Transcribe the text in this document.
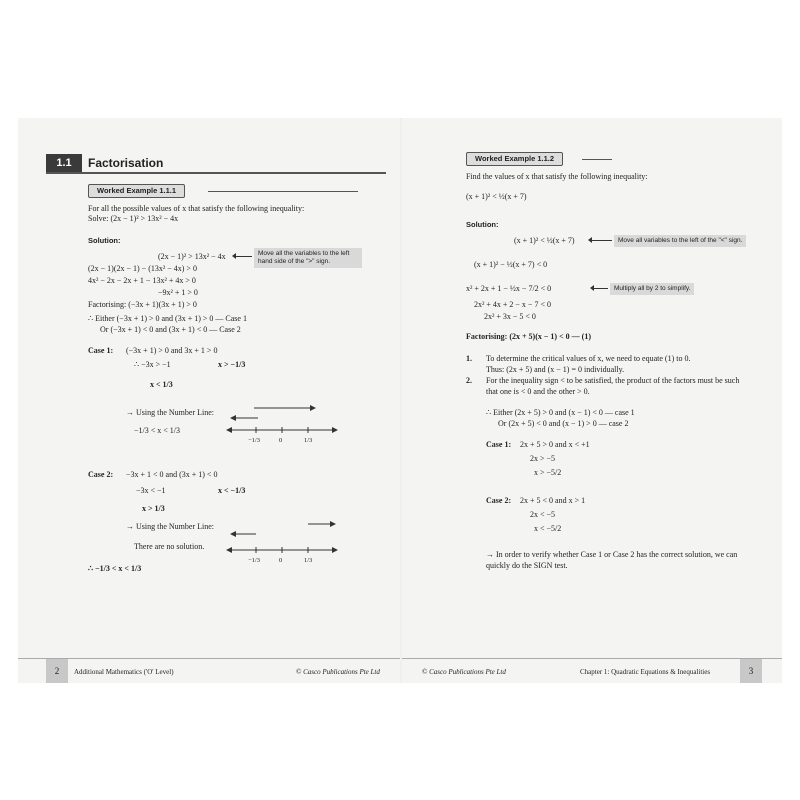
1.1	Factorisation
Worked Example 1.1.1
For all the possible values of x that satisfy the following inequality:
Solve: (2x − 1)² > 13x² − 4x
Solution:
(2x − 1)² > 13x² − 4x
(2x − 1)(2x − 1) − (13x² − 4x) > 0
4x² − 2x − 2x + 1 − 13x² + 4x > 0
−9x² + 1 > 0
Move all the variables to the left hand side of the ">" sign.
Factorising: (−3x + 1)(3x + 1) > 0
∴ Either (−3x + 1) > 0 and (3x + 1) > 0 — Case 1
Or (−3x + 1) < 0 and (3x + 1) < 0 — Case 2
Case 1: (−3x + 1) > 0 and 3x + 1 > 0
∴ −3x > −1	x > −1/3
x < 1/3
→ Using the Number Line:
−1/3 < x < 1/3
−1/3	0	1/3
Case 2: −3x + 1 < 0 and (3x + 1) < 0
−3x < −1	x < −1/3
x > 1/3
→ Using the Number Line:
There are no solution.
−1/3	0	1/3
∴ −1/3 < x < 1/3
2	Additional Mathematics ('O' Level)	© Casco Publications Pte Ltd
Worked Example 1.1.2
Find the values of x that satisfy the following inequality:
(x + 1)² < ½(x + 7)
Solution:
(x + 1)² < ½(x + 7)	Move all variables to the left of the "<" sign.
(x + 1)² − ½(x + 7) < 0
x² + 2x + 1 − ½x − 7/2 < 0	Multiply all by 2 to simplify.
2x² + 4x + 2 − x − 7 < 0
2x² + 3x − 5 < 0
Factorising: (2x + 5)(x − 1) < 0 — (1)
1. To determine the critical values of x, we need to equate (1) to 0.
Thus: (2x + 5) and (x − 1) = 0 individually.
2. For the inequality sign < to be satisfied, the product of the factors must be such
that one is < 0 and the other > 0.
∴ Either (2x + 5) > 0 and (x − 1) < 0 — case 1
Or (2x + 5) < 0 and (x − 1) > 0 — case 2
Case 1: 2x + 5 > 0 and x < +1
2x > −5
x > −5/2
Case 2: 2x + 5 < 0 and x > 1
2x < −5
x < −5/2
→ In order to verify whether Case 1 or Case 2 has the correct solution, we can
quickly do the SIGN test.
© Casco Publications Pte Ltd	Chapter 1: Quadratic Equations & Inequalities	3
